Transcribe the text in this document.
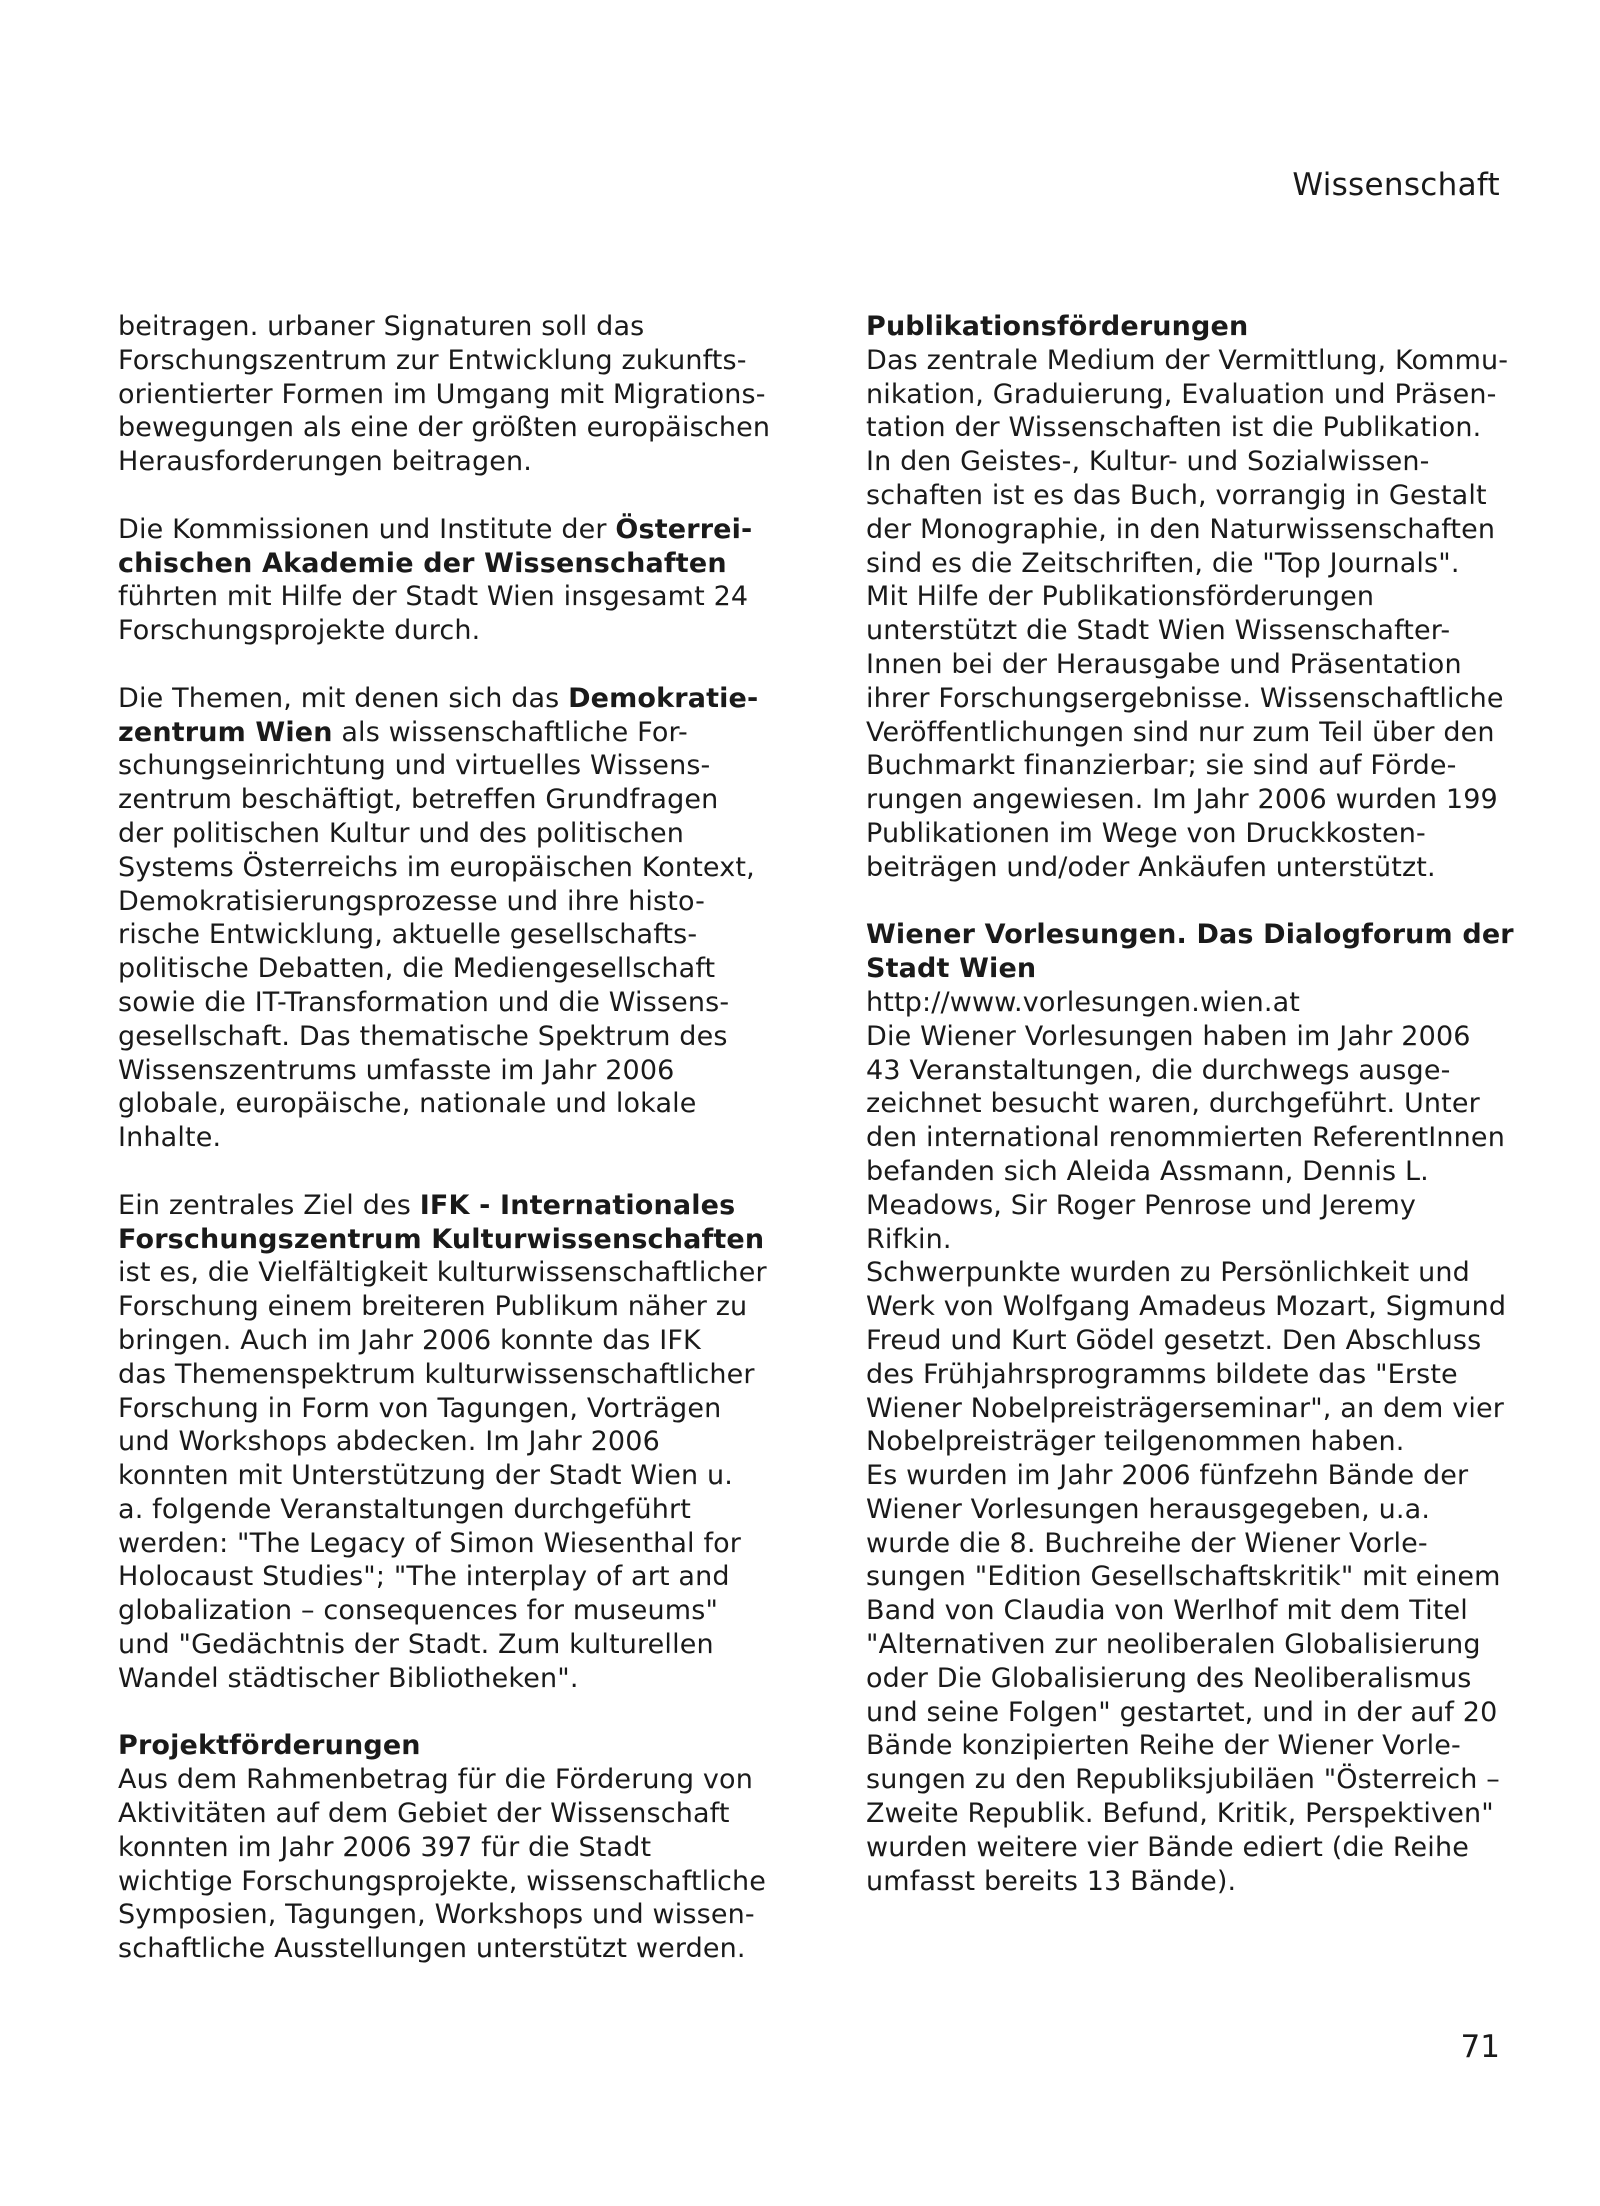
Wissenschaft
beitragen. urbaner Signaturen soll das
Forschungszentrum zur Entwicklung zukunfts-
orientierter Formen im Umgang mit Migrations-
bewegungen als eine der größten europäischen
Herausforderungen beitragen.
Die Kommissionen und Institute der Österrei-
chischen Akademie der Wissenschaften
führten mit Hilfe der Stadt Wien insgesamt 24
Forschungsprojekte durch.
Die Themen, mit denen sich das Demokratie-
zentrum Wien als wissenschaftliche For-
schungseinrichtung und virtuelles Wissens-
zentrum beschäftigt, betreffen Grundfragen
der politischen Kultur und des politischen
Systems Österreichs im europäischen Kontext,
Demokratisierungsprozesse und ihre histo-
rische Entwicklung, aktuelle gesellschafts-
politische Debatten, die Mediengesellschaft
sowie die IT-Transformation und die Wissens-
gesellschaft. Das thematische Spektrum des
Wissenszentrums umfasste im Jahr 2006
globale, europäische, nationale und lokale
Inhalte.
Ein zentrales Ziel des IFK - Internationales
Forschungszentrum Kulturwissenschaften
ist es, die Vielfältigkeit kulturwissenschaftlicher
Forschung einem breiteren Publikum näher zu
bringen. Auch im Jahr 2006 konnte das IFK
das Themenspektrum kulturwissenschaftlicher
Forschung in Form von Tagungen, Vorträgen
und Workshops abdecken. Im Jahr 2006
konnten mit Unterstützung der Stadt Wien u.
a. folgende Veranstaltungen durchgeführt
werden: "The Legacy of Simon Wiesenthal for
Holocaust Studies"; "The interplay of art and
globalization – consequences for museums"
und "Gedächtnis der Stadt. Zum kulturellen
Wandel städtischer Bibliotheken".
Projektförderungen
Aus dem Rahmenbetrag für die Förderung von
Aktivitäten auf dem Gebiet der Wissenschaft
konnten im Jahr 2006 397 für die Stadt
wichtige Forschungsprojekte, wissenschaftliche
Symposien, Tagungen, Workshops und wissen-
schaftliche Ausstellungen unterstützt werden.
Publikationsförderungen
Das zentrale Medium der Vermittlung, Kommu-
nikation, Graduierung, Evaluation und Präsen-
tation der Wissenschaften ist die Publikation.
In den Geistes-, Kultur- und Sozialwissen-
schaften ist es das Buch, vorrangig in Gestalt
der Monographie, in den Naturwissenschaften
sind es die Zeitschriften, die "Top Journals".
Mit Hilfe der Publikationsförderungen
unterstützt die Stadt Wien Wissenschafter-
Innen bei der Herausgabe und Präsentation
ihrer Forschungsergebnisse. Wissenschaftliche
Veröffentlichungen sind nur zum Teil über den
Buchmarkt finanzierbar; sie sind auf Förde-
rungen angewiesen. Im Jahr 2006 wurden 199
Publikationen im Wege von Druckkosten-
beiträgen und/oder Ankäufen unterstützt.
Wiener Vorlesungen. Das Dialogforum der
Stadt Wien
http://www.vorlesungen.wien.at
Die Wiener Vorlesungen haben im Jahr 2006
43 Veranstaltungen, die durchwegs ausge-
zeichnet besucht waren, durchgeführt. Unter
den international renommierten ReferentInnen
befanden sich Aleida Assmann, Dennis L.
Meadows, Sir Roger Penrose und Jeremy
Rifkin.
Schwerpunkte wurden zu Persönlichkeit und
Werk von Wolfgang Amadeus Mozart, Sigmund
Freud und Kurt Gödel gesetzt. Den Abschluss
des Frühjahrsprogramms bildete das "Erste
Wiener Nobelpreisträgerseminar", an dem vier
Nobelpreisträger teilgenommen haben.
Es wurden im Jahr 2006 fünfzehn Bände der
Wiener Vorlesungen herausgegeben, u.a.
wurde die 8. Buchreihe der Wiener Vorle-
sungen "Edition Gesellschaftskritik" mit einem
Band von Claudia von Werlhof mit dem Titel
"Alternativen zur neoliberalen Globalisierung
oder Die Globalisierung des Neoliberalismus
und seine Folgen" gestartet, und in der auf 20
Bände konzipierten Reihe der Wiener Vorle-
sungen zu den Republiksjubiläen "Österreich –
Zweite Republik. Befund, Kritik, Perspektiven"
wurden weitere vier Bände ediert (die Reihe
umfasst bereits 13 Bände).
71
